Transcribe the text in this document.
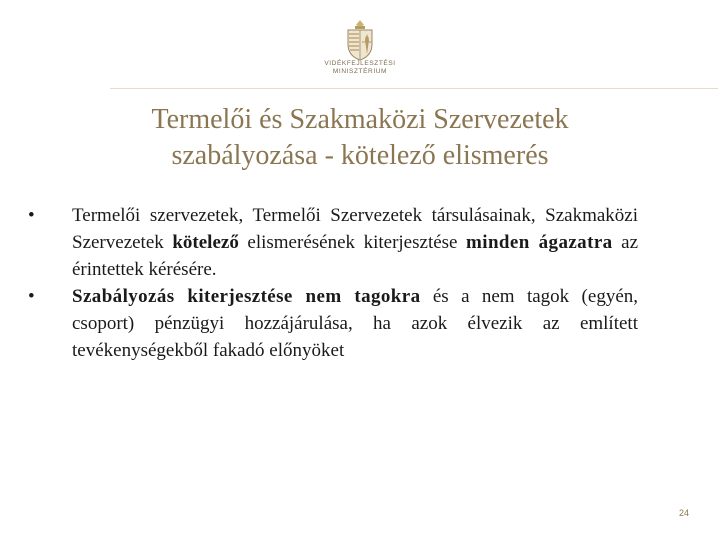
VIDÉKFEJLESZTÉSI
MINISZTÉRIUM
Termelői és Szakmaközi Szervezetek
szabályozása - kötelező elismerés
•	Termelői szervezetek, Termelői Szervezetek társulásainak, Szakmaközi Szervezetek kötelező elismerésének kiterjesztése minden ágazatra az érintettek kérésére.
•	Szabályozás kiterjesztése nem tagokra és a nem tagok (egyén, csoport) pénzügyi hozzájárulása, ha azok élvezik az említett tevékenységekből fakadó előnyöket
24
